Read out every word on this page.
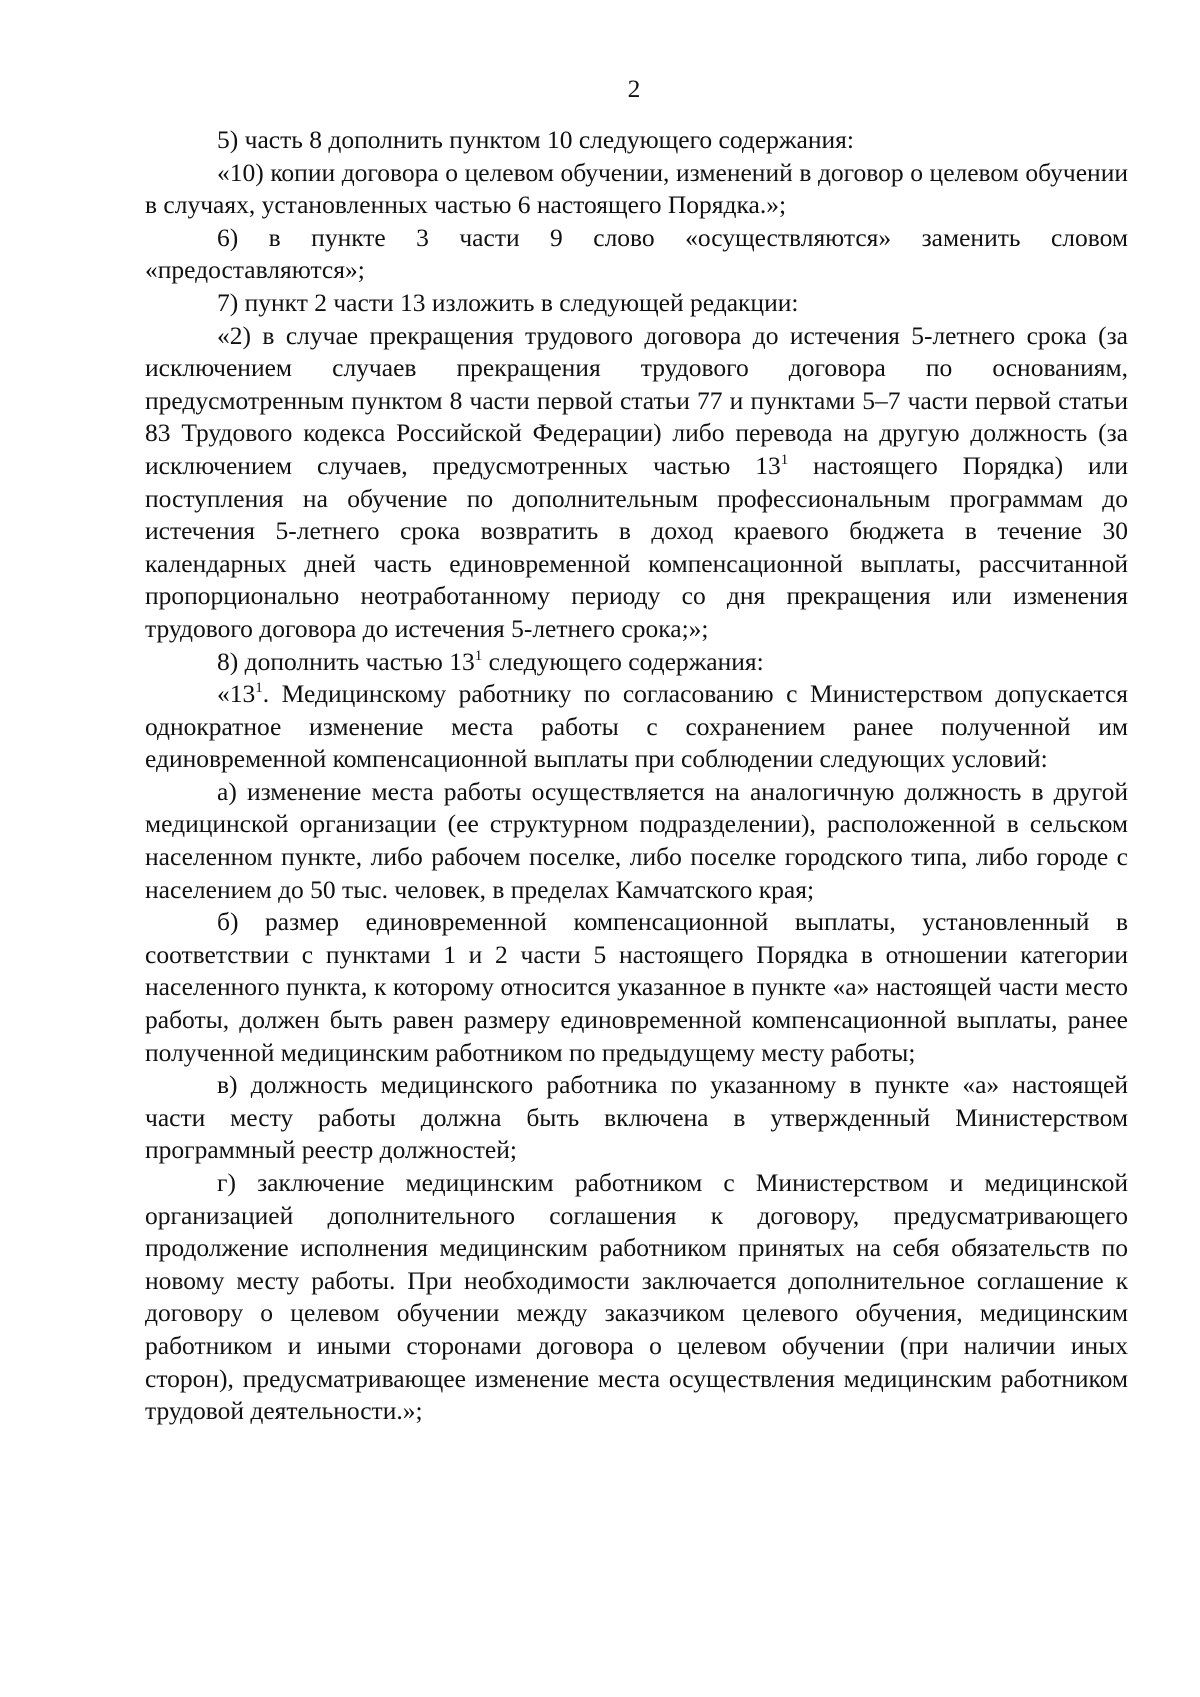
2

5) часть 8 дополнить пунктом 10 следующего содержания:

«10) копии договора о целевом обучении, изменений в договор о целевом обучении в случаях, установленных частью 6 настоящего Порядка.»;

6) в пункте 3 части 9 слово «осуществляются» заменить словом «предоставляются»;

7) пункт 2 части 13 изложить в следующей редакции:

«2) в случае прекращения трудового договора до истечения 5-летнего срока (за исключением случаев прекращения трудового договора по основаниям, предусмотренным пунктом 8 части первой статьи 77 и пунктами 5–7 части первой статьи 83 Трудового кодекса Российской Федерации) либо перевода на другую должность (за исключением случаев, предусмотренных частью $13^1$ настоящего Порядка) или поступления на обучение по дополнительным профессиональным программам до истечения 5-летнего срока возвратить в доход краевого бюджета в течение 30 календарных дней часть единовременной компенсационной выплаты, рассчитанной пропорционально неотработанному периоду со дня прекращения или изменения трудового договора до истечения 5-летнего срока;»;

8) дополнить частью $13^1$ следующего содержания:

«$13^1$. Медицинскому работнику по согласованию с Министерством допускается однократное изменение места работы с сохранением ранее полученной им единовременной компенсационной выплаты при соблюдении следующих условий:

а) изменение места работы осуществляется на аналогичную должность в другой медицинской организации (ее структурном подразделении), расположенной в сельском населенном пункте, либо рабочем поселке, либо поселке городского типа, либо городе с населением до 50 тыс. человек, в пределах Камчатского края;

б) размер единовременной компенсационной выплаты, установленный в соответствии с пунктами 1 и 2 части 5 настоящего Порядка в отношении категории населенного пункта, к которому относится указанное в пункте «а» настоящей части место работы, должен быть равен размеру единовременной компенсационной выплаты, ранее полученной медицинским работником по предыдущему месту работы;

в) должность медицинского работника по указанному в пункте «а» настоящей части месту работы должна быть включена в утвержденный Министерством программный реестр должностей;

г) заключение медицинским работником с Министерством и медицинской организацией дополнительного соглашения к договору, предусматривающего продолжение исполнения медицинским работником принятых на себя обязательств по новому месту работы. При необходимости заключается дополнительное соглашение к договору о целевом обучении между заказчиком целевого обучения, медицинским работником и иными сторонами договора о целевом обучении (при наличии иных сторон), предусматривающее изменение места осуществления медицинским работником трудовой деятельности.»;
